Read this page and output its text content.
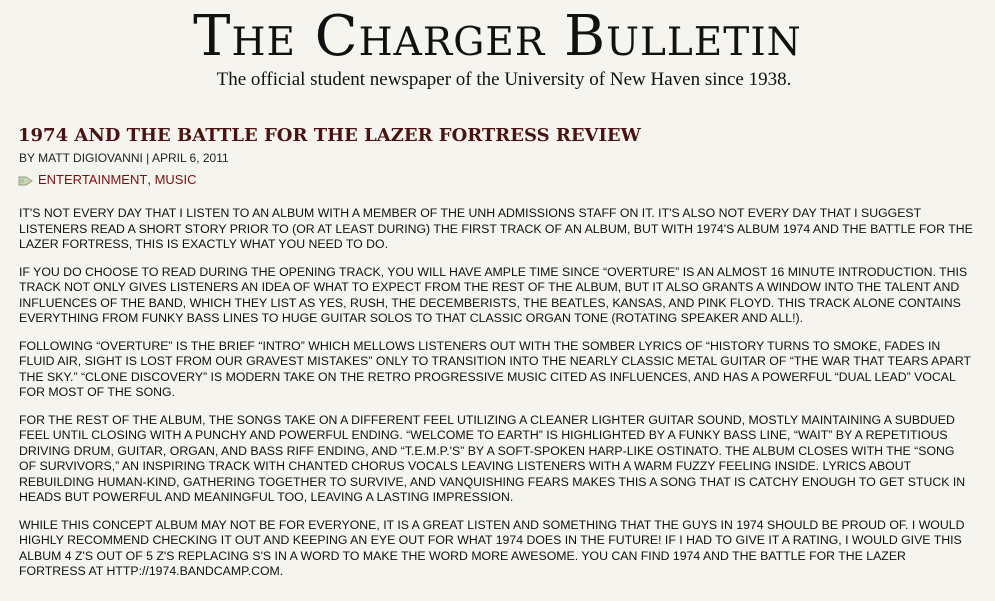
The Charger Bulletin
The official student newspaper of the University of New Haven since 1938.
1974 AND THE BATTLE FOR THE LAZER FORTRESS REVIEW
BY MATT DIGIOVANNI | APRIL 6, 2011
ENTERTAINMENT ,
MUSIC

IT'S NOT EVERY DAY THAT I LISTEN TO AN ALBUM WITH A MEMBER OF THE UNH ADMISSIONS STAFF ON IT. IT'S ALSO NOT EVERY DAY THAT I SUGGEST LISTENERS READ A SHORT STORY PRIOR TO (OR AT LEAST DURING) THE FIRST TRACK OF AN ALBUM, BUT WITH 1974'S ALBUM 1974 AND THE BATTLE FOR THE LAZER FORTRESS, THIS IS EXACTLY WHAT YOU NEED TO DO.

IF YOU DO CHOOSE TO READ DURING THE OPENING TRACK, YOU WILL HAVE AMPLE TIME SINCE “OVERTURE” IS AN ALMOST 16 MINUTE INTRODUCTION. THIS TRACK NOT ONLY GIVES LISTENERS AN IDEA OF WHAT TO EXPECT FROM THE REST OF THE ALBUM, BUT IT ALSO GRANTS A WINDOW INTO THE TALENT AND INFLUENCES OF THE BAND, WHICH THEY LIST AS YES, RUSH, THE DECEMBERISTS, THE BEATLES, KANSAS, AND PINK FLOYD. THIS TRACK ALONE CONTAINS EVERYTHING FROM FUNKY BASS LINES TO HUGE GUITAR SOLOS TO THAT CLASSIC ORGAN TONE (ROTATING SPEAKER AND ALL!).

FOLLOWING “OVERTURE” IS THE BRIEF “INTRO” WHICH MELLOWS LISTENERS OUT WITH THE SOMBER LYRICS OF “HISTORY TURNS TO SMOKE, FADES IN FLUID AIR, SIGHT IS LOST FROM OUR GRAVEST MISTAKES” ONLY TO TRANSITION INTO THE NEARLY CLASSIC METAL GUITAR OF “THE WAR THAT TEARS APART THE SKY.” “CLONE DISCOVERY” IS MODERN TAKE ON THE RETRO PROGRESSIVE MUSIC CITED AS INFLUENCES, AND HAS A POWERFUL “DUAL LEAD” VOCAL FOR MOST OF THE SONG.

FOR THE REST OF THE ALBUM, THE SONGS TAKE ON A DIFFERENT FEEL UTILIZING A CLEANER LIGHTER GUITAR SOUND, MOSTLY MAINTAINING A SUBDUED FEEL UNTIL CLOSING WITH A PUNCHY AND POWERFUL ENDING. “WELCOME TO EARTH” IS HIGHLIGHTED BY A FUNKY BASS LINE, “WAIT” BY A REPETITIOUS DRIVING DRUM, GUITAR, ORGAN, AND BASS RIFF ENDING, AND “T.E.M.P.'S” BY A SOFT-SPOKEN HARP-LIKE OSTINATO. THE ALBUM CLOSES WITH THE “SONG OF SURVIVORS,” AN INSPIRING TRACK WITH CHANTED CHORUS VOCALS LEAVING LISTENERS WITH A WARM FUZZY FEELING INSIDE. LYRICS ABOUT REBUILDING HUMAN-KIND, GATHERING TOGETHER TO SURVIVE, AND VANQUISHING FEARS MAKES THIS A SONG THAT IS CATCHY ENOUGH TO GET STUCK IN HEADS BUT POWERFUL AND MEANINGFUL TOO, LEAVING A LASTING IMPRESSION.

WHILE THIS CONCEPT ALBUM MAY NOT BE FOR EVERYONE, IT IS A GREAT LISTEN AND SOMETHING THAT THE GUYS IN 1974 SHOULD BE PROUD OF. I WOULD HIGHLY RECOMMEND CHECKING IT OUT AND KEEPING AN EYE OUT FOR WHAT 1974 DOES IN THE FUTURE! IF I HAD TO GIVE IT A RATING, I WOULD GIVE THIS ALBUM 4 Z'S OUT OF 5 Z'S REPLACING S'S IN A WORD TO MAKE THE WORD MORE AWESOME. YOU CAN FIND 1974 AND THE BATTLE FOR THE LAZER FORTRESS AT HTTP://1974.BANDCAMP.COM.
